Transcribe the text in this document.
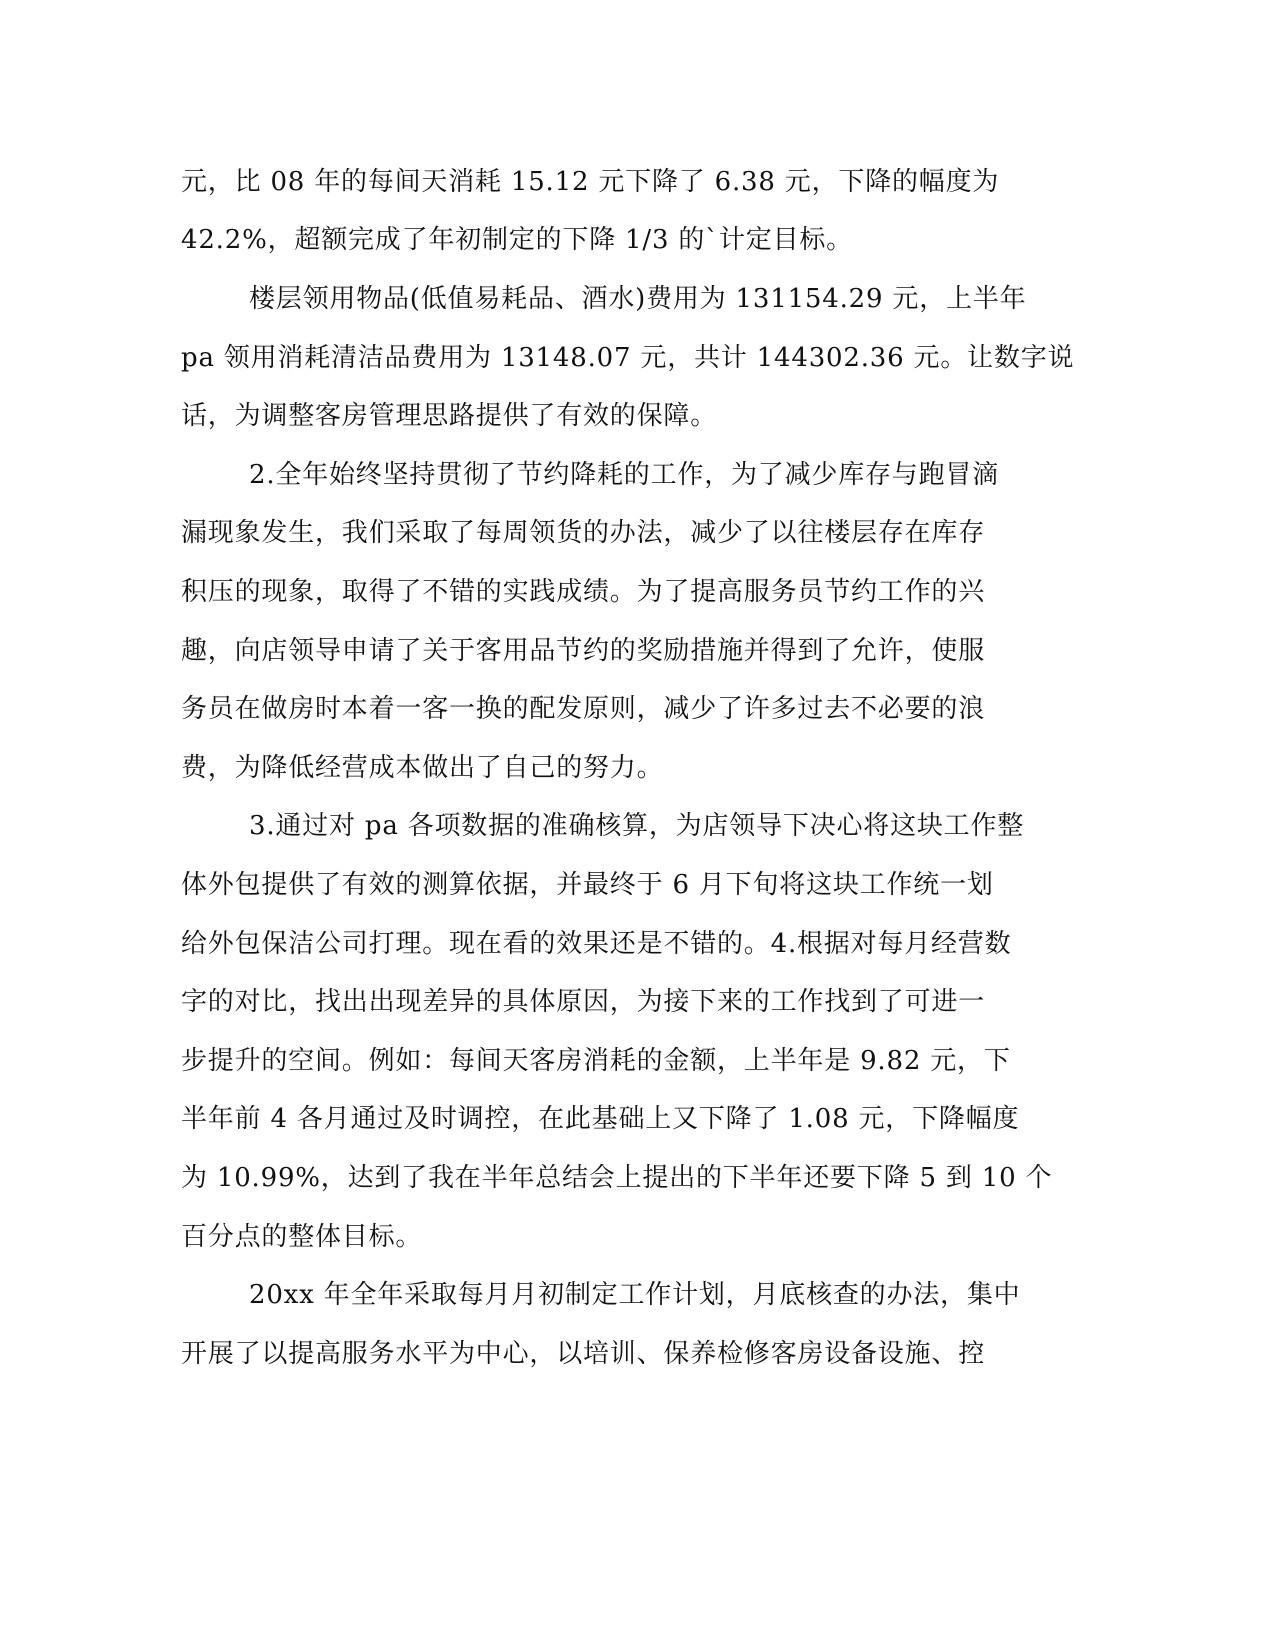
元，比 08 年的每间天消耗 15.12 元下降了 6.38 元，下降的幅度为

42.2%，超额完成了年初制定的下降 1/3 的`计定目标。

楼层领用物品(低值易耗品、酒水)费用为 131154.29 元，上半年

pa 领用消耗清洁品费用为 13148.07 元，共计 144302.36 元。让数字说

话，为调整客房管理思路提供了有效的保障。

2.全年始终坚持贯彻了节约降耗的工作，为了减少库存与跑冒滴

漏现象发生，我们采取了每周领货的办法，减少了以往楼层存在库存

积压的现象，取得了不错的实践成绩。为了提高服务员节约工作的兴

趣，向店领导申请了关于客用品节约的奖励措施并得到了允许，使服

务员在做房时本着一客一换的配发原则，减少了许多过去不必要的浪

费，为降低经营成本做出了自己的努力。

3.通过对 pa 各项数据的准确核算，为店领导下决心将这块工作整

体外包提供了有效的测算依据，并最终于 6 月下旬将这块工作统一划

给外包保洁公司打理。现在看的效果还是不错的。4.根据对每月经营数

字的对比，找出出现差异的具体原因，为接下来的工作找到了可进一

步提升的空间。例如：每间天客房消耗的金额，上半年是 9.82 元，下

半年前 4 各月通过及时调控，在此基础上又下降了 1.08 元，下降幅度

为 10.99%，达到了我在半年总结会上提出的下半年还要下降 5 到 10 个

百分点的整体目标。

20xx 年全年采取每月月初制定工作计划，月底核查的办法，集中

开展了以提高服务水平为中心，以培训、保养检修客房设备设施、控
